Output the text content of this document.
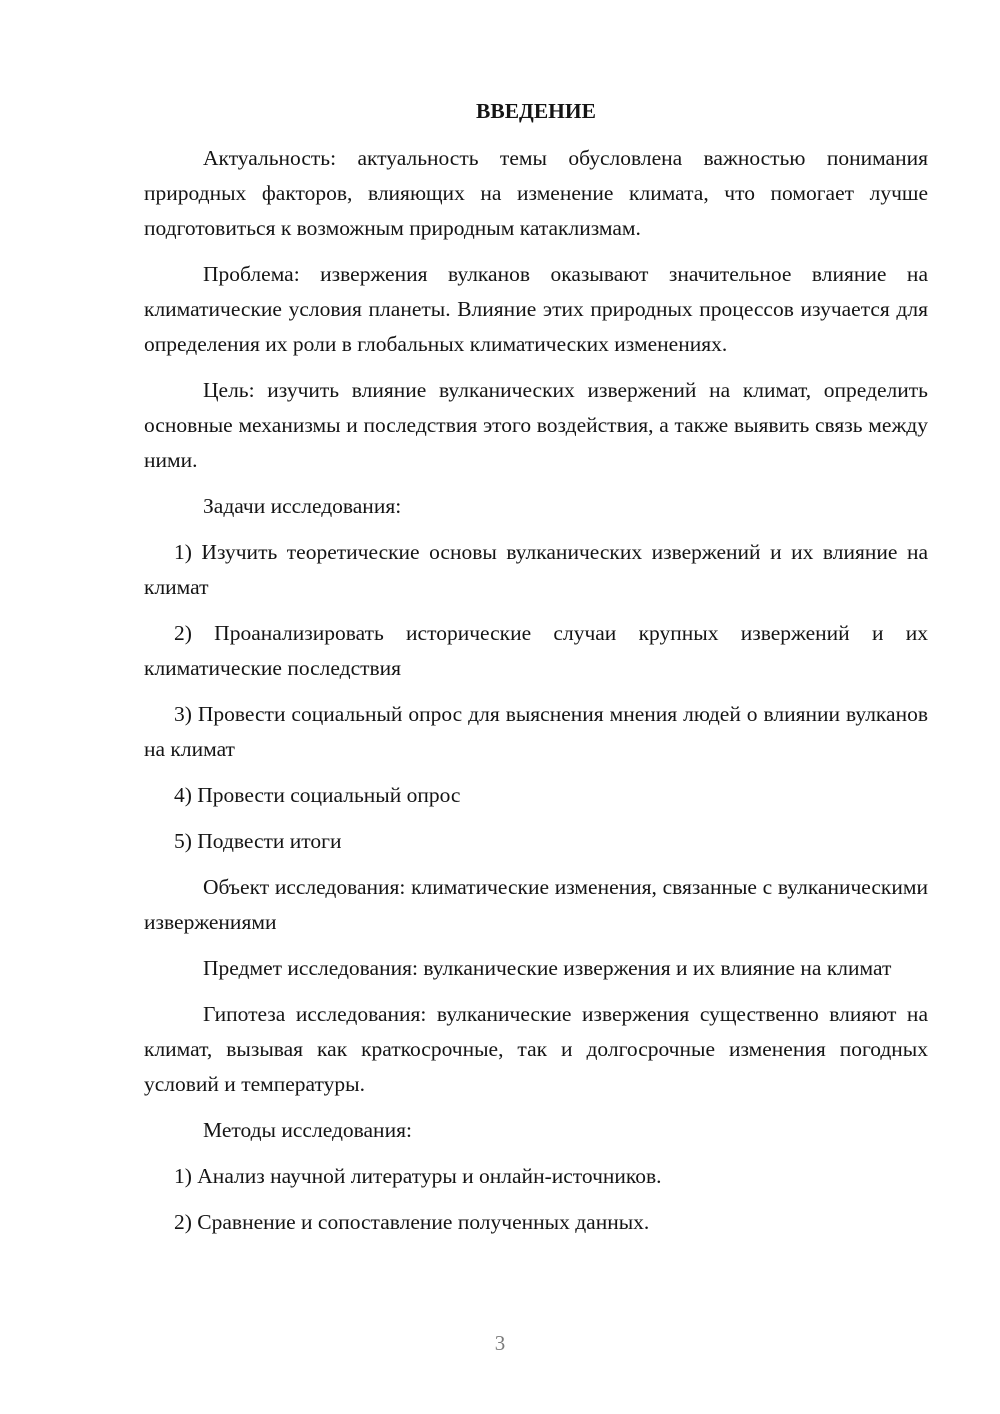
ВВЕДЕНИЕ

Актуальность: актуальность темы обусловлена важностью понимания природных факторов, влияющих на изменение климата, что помогает лучше подготовиться к возможным природным катаклизмам.

Проблема: извержения вулканов оказывают значительное влияние на климатические условия планеты. Влияние этих природных процессов изучается для определения их роли в глобальных климатических изменениях.

Цель: изучить влияние вулканических извержений на климат, определить основные механизмы и последствия этого воздействия, а также выявить связь между ними.

Задачи исследования:

1) Изучить теоретические основы вулканических извержений и их влияние на климат

2) Проанализировать исторические случаи крупных извержений и их климатические последствия

3) Провести социальный опрос для выяснения мнения людей о влиянии вулканов на климат

4) Провести социальный опрос

5) Подвести итоги

Объект исследования: климатические изменения, связанные с вулканическими извержениями

Предмет исследования: вулканические извержения и их влияние на климат

Гипотеза исследования: вулканические извержения существенно влияют на климат, вызывая как краткосрочные, так и долгосрочные изменения погодных условий и температуры.

Методы исследования:

1) Анализ научной литературы и онлайн-источников.

2) Сравнение и сопоставление полученных данных.

3
